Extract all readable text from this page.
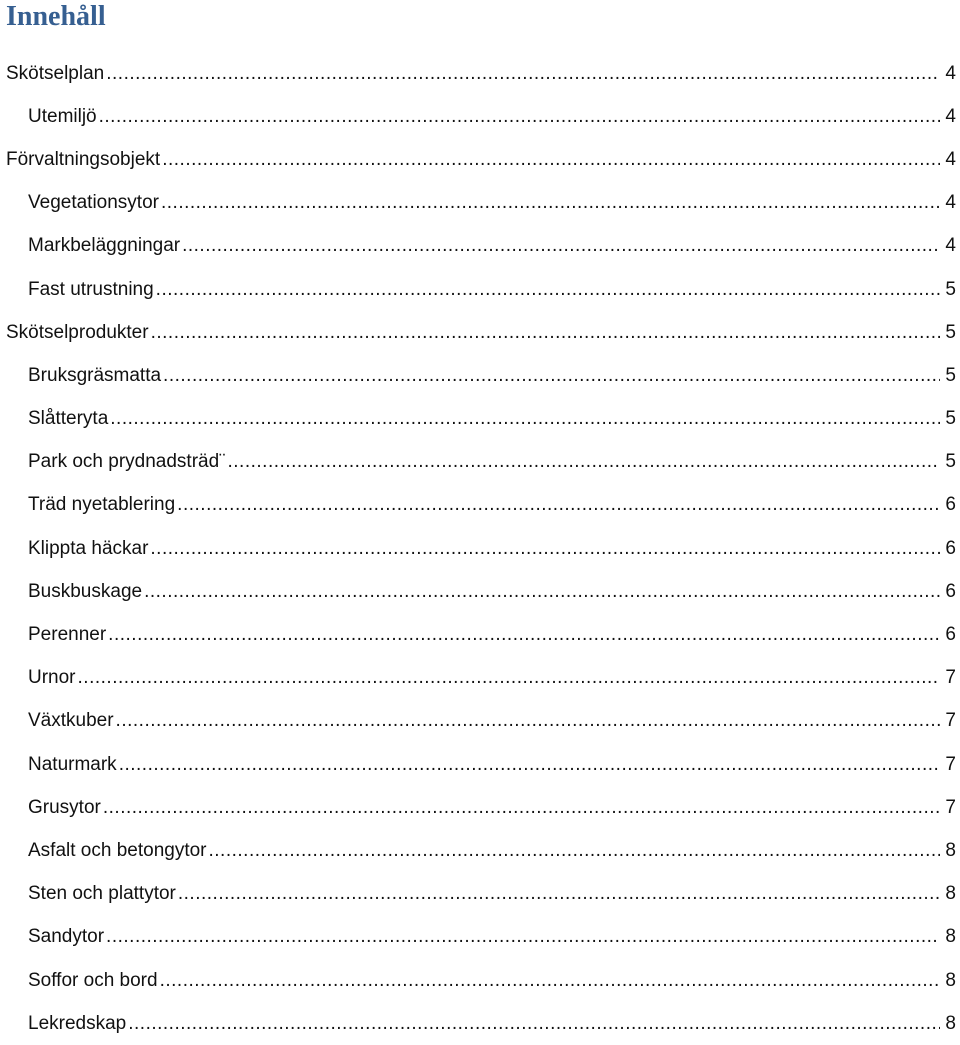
Innehåll
Skötselplan .....	4
Utemiljö .....	4
Förvaltningsobjekt .....	4
Vegetationsytor .....	4
Markbeläggningar .....	4
Fast utrustning .....	5
Skötselprodukter .....	5
Bruksgräsmatta .....	5
Slåtteryta .....	5
Park och prydnadsträd¨ .....	5
Träd nyetablering .....	6
Klippta häckar .....	6
Buskbuskage .....	6
Perenner .....	6
Urnor .....	7
Växtkuber .....	7
Naturmark .....	7
Grusytor .....	7
Asfalt och betongytor .....	8
Sten och plattytor .....	8
Sandytor .....	8
Soffor och bord .....	8
Lekredskap .....	8
